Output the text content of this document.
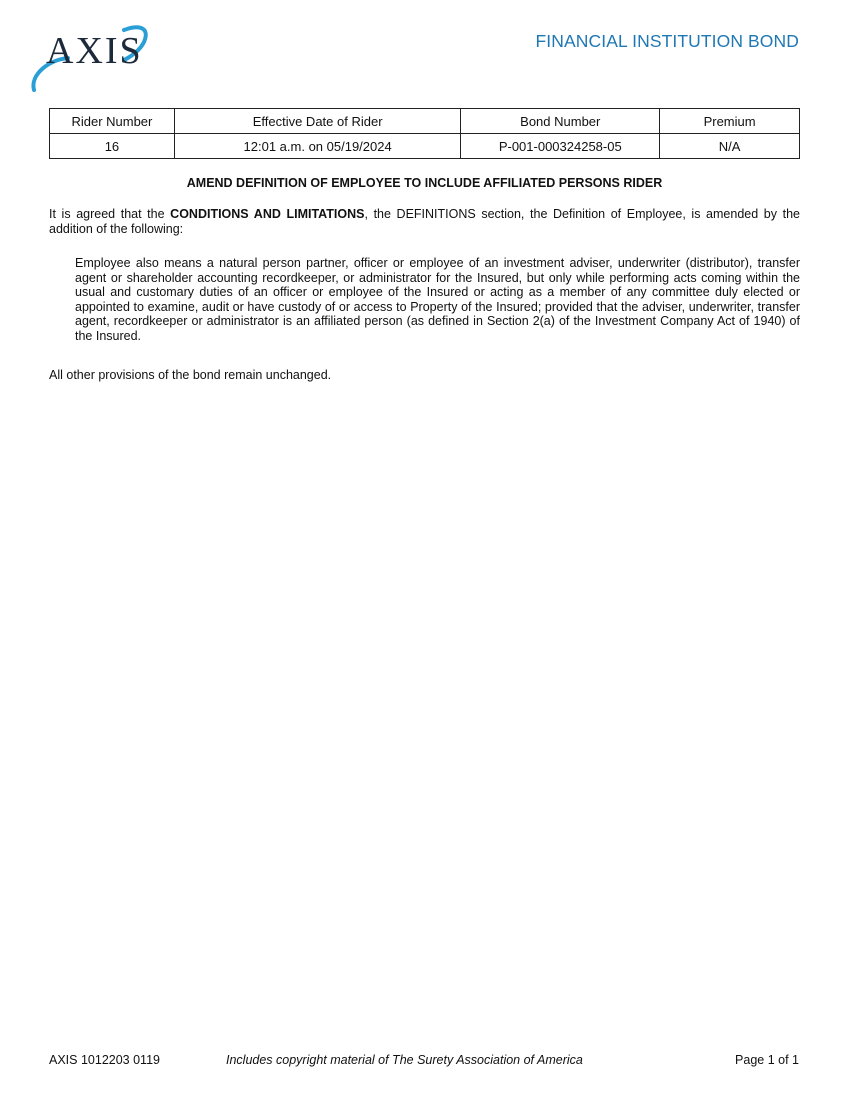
AXIS	FINANCIAL INSTITUTION BOND
Rider Number	Effective Date of Rider	Bond Number	Premium
16	12:01 a.m. on 05/19/2024	P-001-000324258-05	N/A
AMEND DEFINITION OF EMPLOYEE TO INCLUDE AFFILIATED PERSONS RIDER
It is agreed that the CONDITIONS AND LIMITATIONS, the DEFINITIONS section, the Definition of Employee, is amended by the addition of the following:
Employee also means a natural person partner, officer or employee of an investment adviser, underwriter (distributor), transfer agent or shareholder accounting recordkeeper, or administrator for the Insured, but only while performing acts coming within the usual and customary duties of an officer or employee of the Insured or acting as a member of any committee duly elected or appointed to examine, audit or have custody of or access to Property of the Insured; provided that the adviser, underwriter, transfer agent, recordkeeper or administrator is an affiliated person (as defined in Section 2(a) of the Investment Company Act of 1940) of the Insured.
All other provisions of the bond remain unchanged.
AXIS 1012203 0119	Includes copyright material of The Surety Association of America	Page 1 of 1
